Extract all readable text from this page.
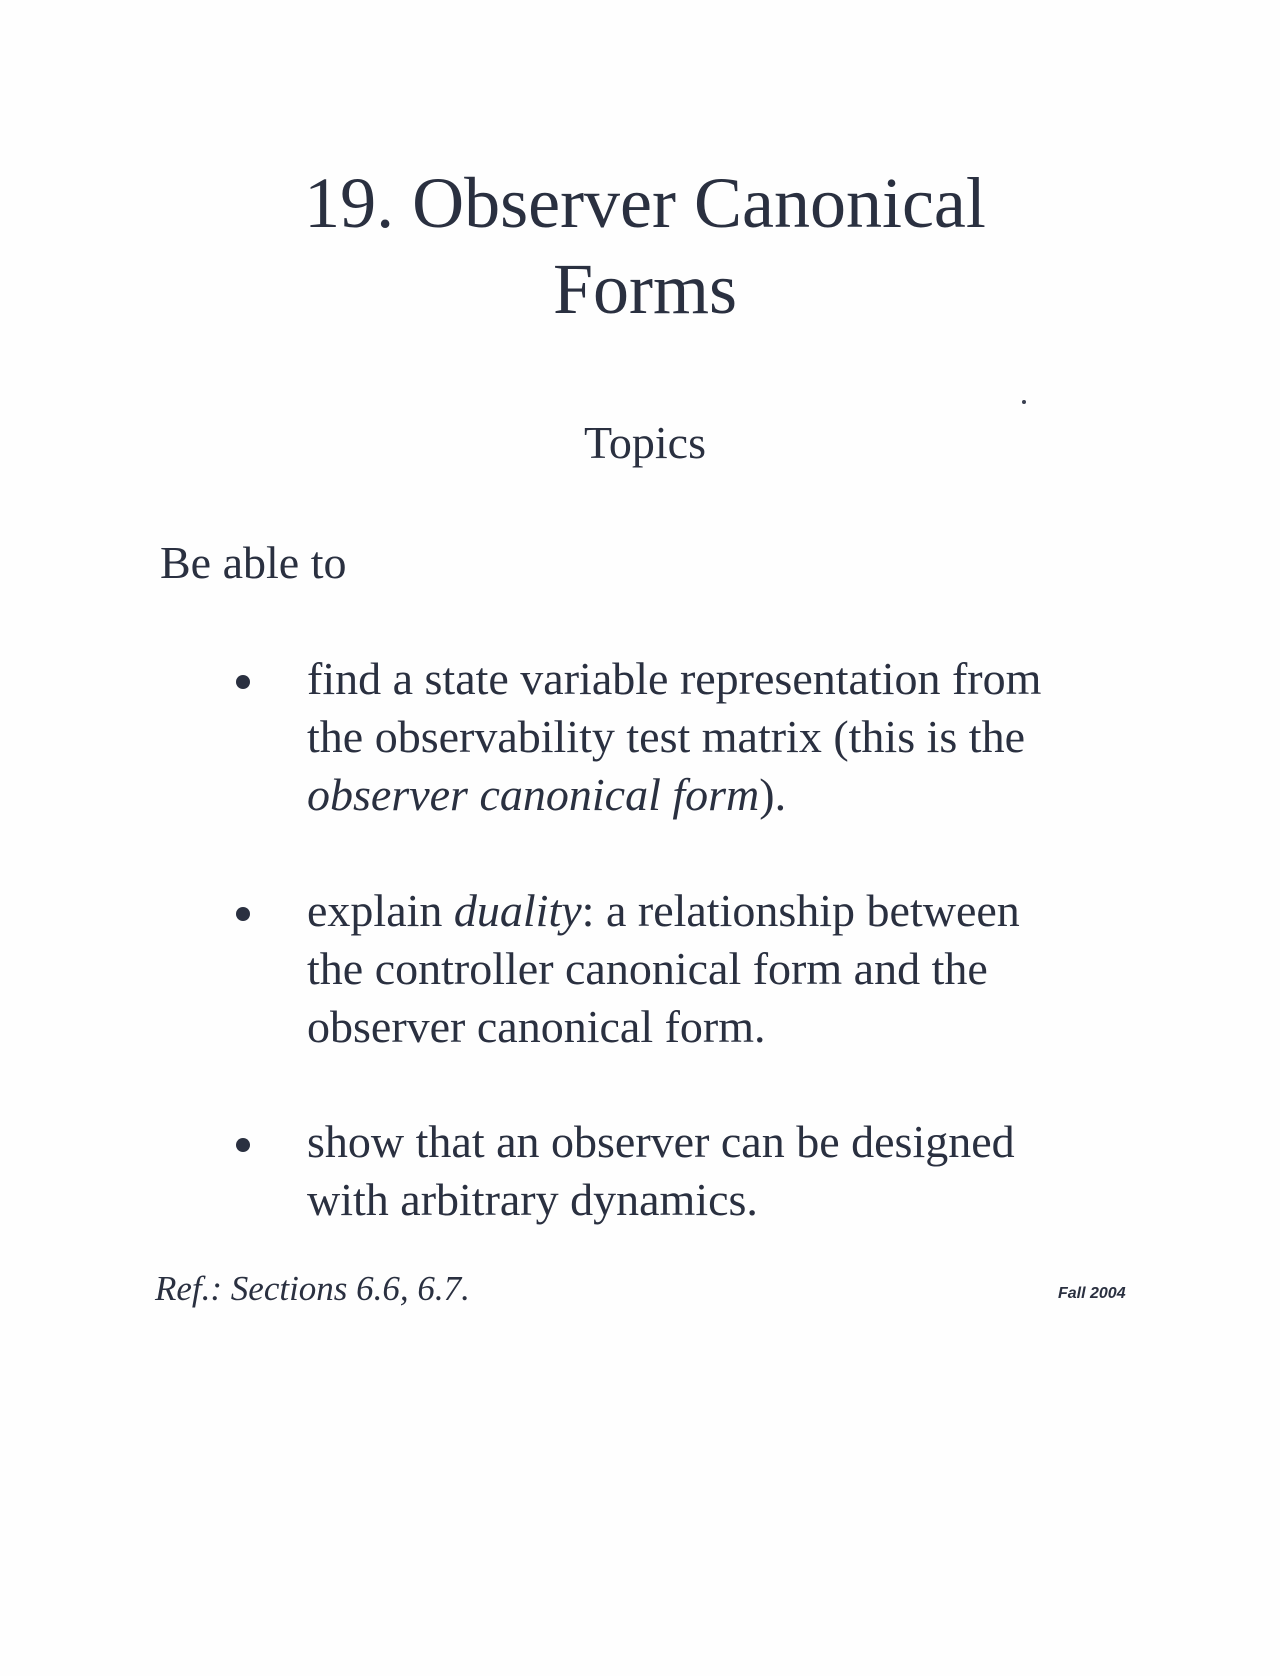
19. Observer Canonical
Forms
Topics
Be able to
find a state variable representation from
the observability test matrix (this is the
observer canonical form).
explain duality: a relationship between
the controller canonical form and the
observer canonical form.
show that an observer can be designed
with arbitrary dynamics.
Ref.: Sections 6.6, 6.7.	Fall 2004
